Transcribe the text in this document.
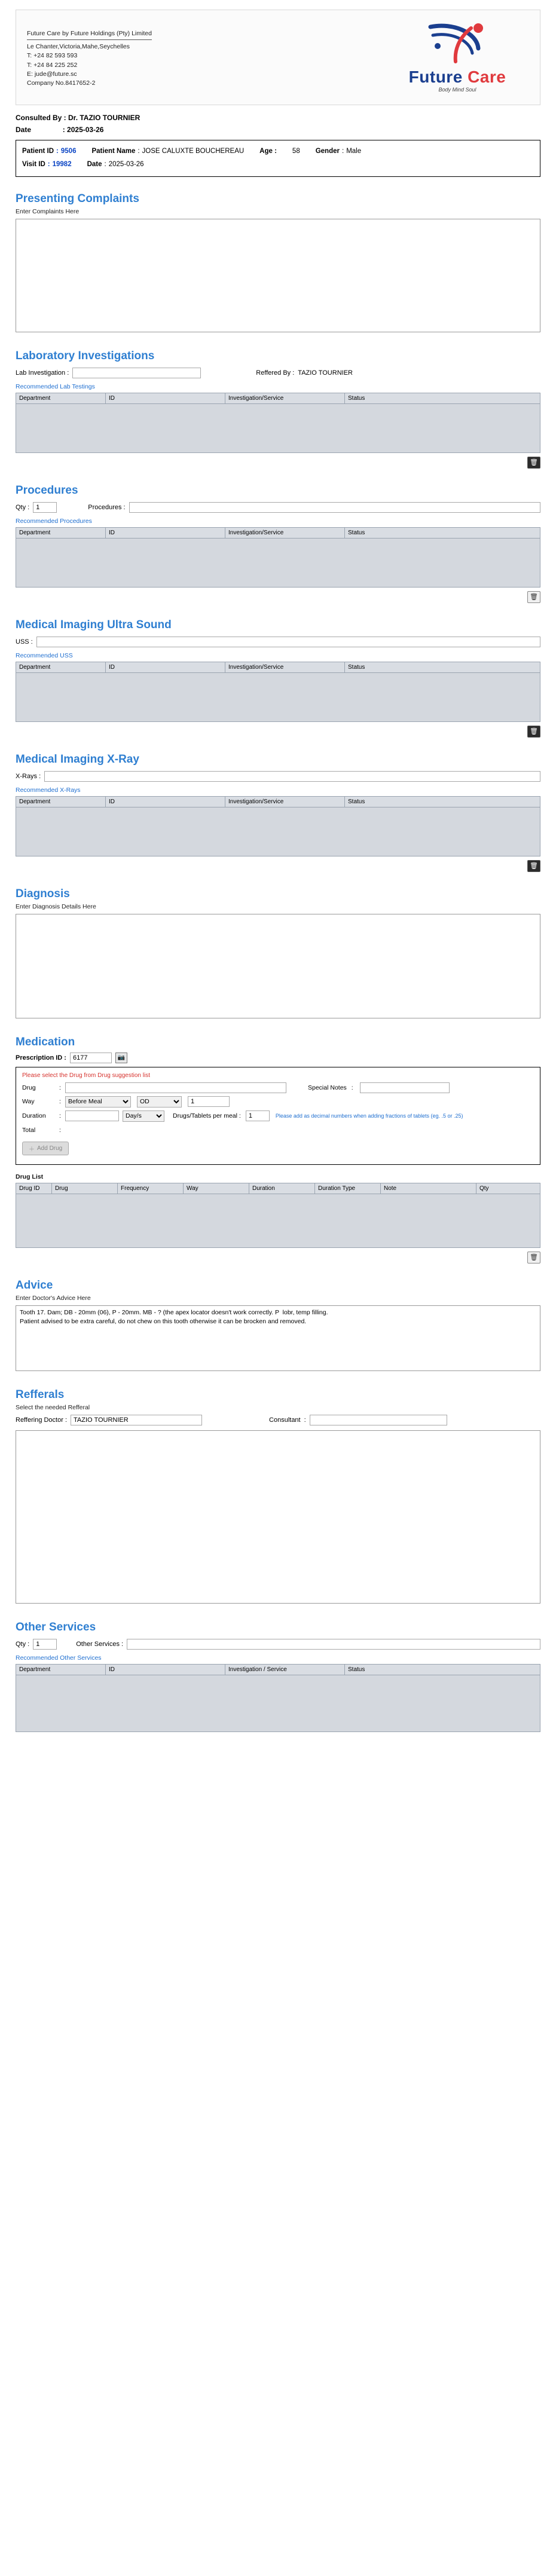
Future Care by Future Holdings (Pty) Limited
Le Chanter,Victoria,Mahe,Seychelles
T: +24 82 593 593
T: +24 84 225 252
E: jude@future.sc
Company No.8417652-2	Future Care
Body Mind Soul
Consulted By : Dr. TAZIO TOURNIER
Date	: 2025-03-26
Patient ID : 9506 Patient Name : JOSE CALUXTE BOUCHEREAU Age : 58 Gender : Male
Visit ID : 19982 Date : 2025-03-26
Presenting Complaints
Enter Complaints Here
Laboratory Investigations
Lab Investigation :	Reffered By : TAZIO TOURNIER
Recommended Lab Testings
Department	ID	Investigation/Service	Status
🗑
Procedures
Qty :
1	Procedures :
Recommended Procedures
Department	ID	Investigation/Service	Status
🗑
Medical Imaging Ultra Sound
USS :
Recommended USS
Department	ID	Investigation/Service	Status
🗑
Medical Imaging X-Ray
X-Rays :
Recommended X-Rays
Department	ID	Investigation/Service	Status
🗑
Diagnosis
Enter Diagnosis Details Here
Medication
Prescription ID :
6177	📷
Please select the Drug from Drug suggestion list
Drug	:	Special Notes :
Way	:
Before Meal
OD
1
Duration	:
Day/s	Drugs/Tablets per meal :
1	Please add as decimal numbers when adding fractions of tablets (eg. .5 or .25)
Total	:
＋ Add Drug
Drug List
Drug ID	Drug	Frequency	Way	Duration	Duration Type	Note	Qty
🗑
Advice
Enter Doctor's Advice Here
Tooth 17. Dam; DB - 20mm (06), P - 20mm. MB - ? (the apex locator doesn't work correctly. P lobr, temp filling. Patient advised to be extra careful, do not chew on this tooth otherwise it can be brocken and removed.
Refferals
Select the needed Refferal
Reffering Doctor :
TAZIO TOURNIER	Consultant :
Other Services
Qty :
1	Other Services :
Recommended Other Services
Department	ID	Investigation / Service	Status
